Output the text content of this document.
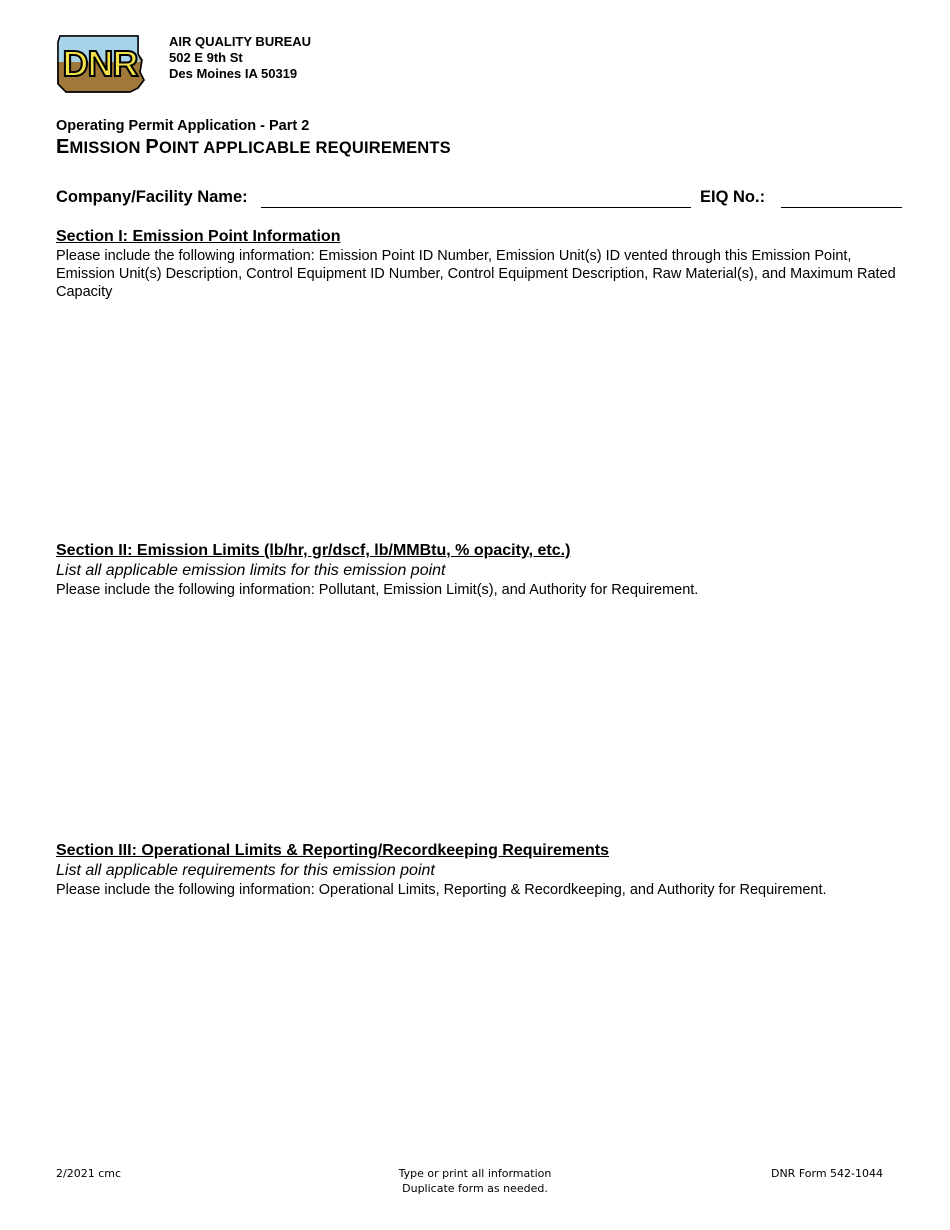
DNR
AIR QUALITY BUREAU
502 E 9th St
Des Moines IA 50319
Operating Permit Application - Part 2
EMISSION POINT APPLICABLE REQUIREMENTS
Company/Facility Name:	EIQ No.:
Section I: Emission Point Information
Please include the following information: Emission Point ID Number, Emission Unit(s) ID vented through this Emission Point, Emission Unit(s) Description, Control Equipment ID Number, Control Equipment Description, Raw Material(s), and Maximum Rated Capacity
Section II: Emission Limits (lb/hr, gr/dscf, lb/MMBtu, % opacity, etc.)
List all applicable emission limits for this emission point
Please include the following information: Pollutant, Emission Limit(s), and Authority for Requirement.
Section III: Operational Limits & Reporting/Recordkeeping Requirements
List all applicable requirements for this emission point
Please include the following information: Operational Limits, Reporting & Recordkeeping, and Authority for Requirement.
2/2021 cmc	Type or print all information
Duplicate form as needed.
DNR Form 542-1044
